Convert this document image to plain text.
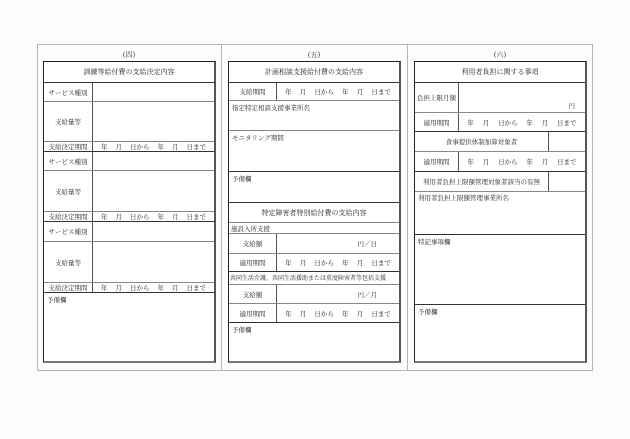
(四)
訓練等給付費の支給決定内容
サービス種別
支給量等
支給決定期間	年 月 日から 年 月 日まで
サービス種別
支給量等
支給決定期間	年 月 日から 年 月 日まで
サービス種別
支給量等
支給決定期間	年 月 日から 年 月 日まで
予備欄
(五)
計画相談支援給付費の支給内容
支給期間	年 月 日から 年 月 日まで
指定特定相談支援事業所名
モニタリング期間
予備欄
特定障害者特別給付費の支給内容
施設入所支援
支給額	円／日
適用期間	年 月 日から 年 月 日まで
共同生活介護、共同生活援助または重度障害者等包括支援
支給額	円／月
適用期間	年 月 日から 年 月 日まで
予備欄
(六)
利用者負担に関する事項
負担上限月額
円
適用期間	年 月 日から 年 月 日まで
食事提供体制加算対象者
適用期間	年 月 日から 年 月 日まで
利用者負担上限額管理対象者該当の有無
利用者負担上限額管理事業所名
特記事項欄
予備欄
